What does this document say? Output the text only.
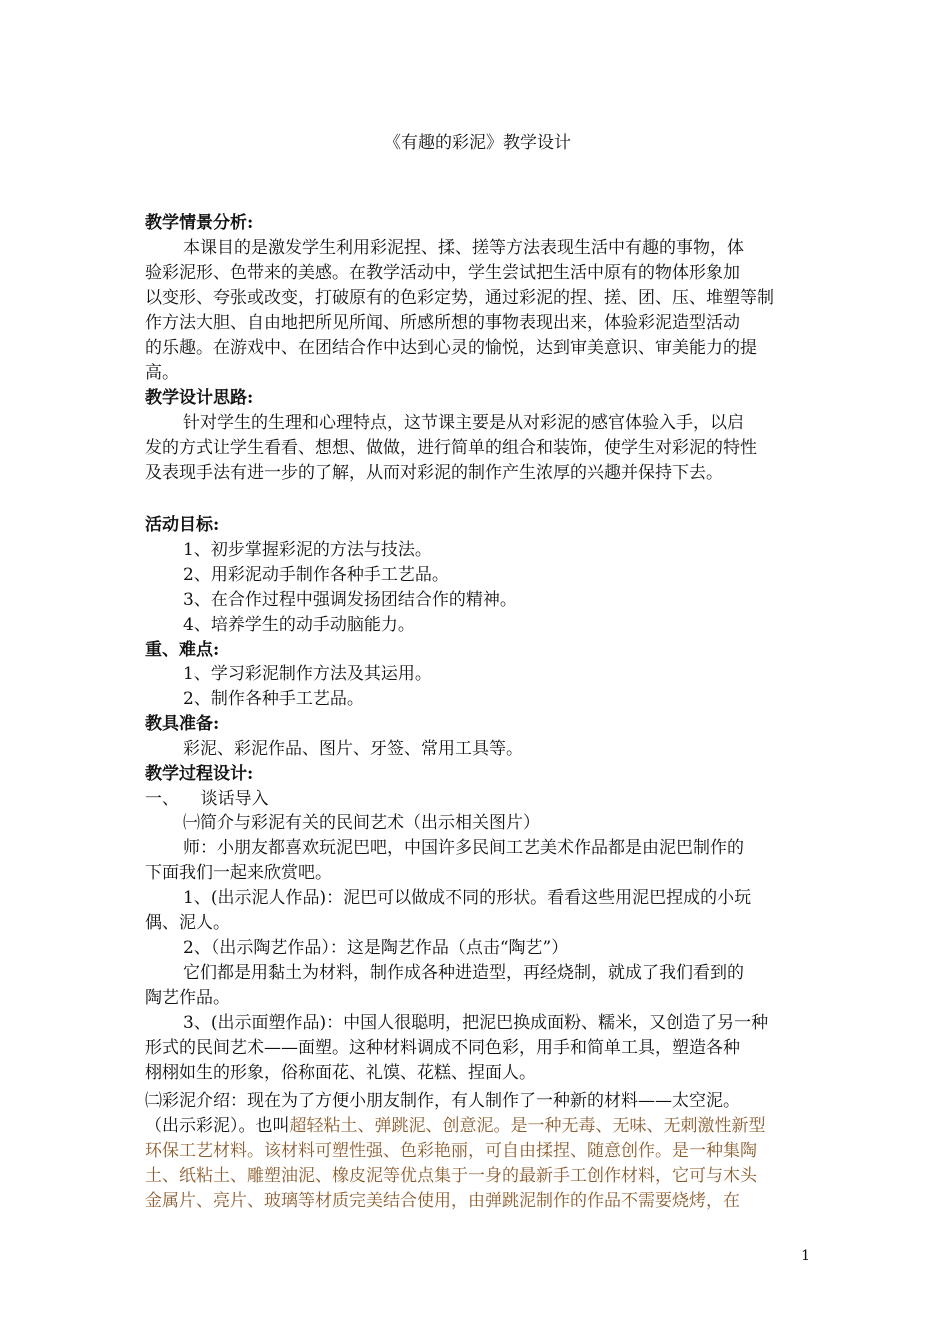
《有趣的彩泥》教学设计
教学情景分析:
本课目的是激发学生利用彩泥捏、揉、搓等方法表现生活中有趣的事物，体
验彩泥形、色带来的美感。在教学活动中，学生尝试把生活中原有的物体形象加
以变形、夸张或改变，打破原有的色彩定势，通过彩泥的捏、搓、团、压、堆塑等制
作方法大胆、自由地把所见所闻、所感所想的事物表现出来，体验彩泥造型活动
的乐趣。在游戏中、在团结合作中达到心灵的愉悦，达到审美意识、审美能力的提
高。
教学设计思路:
针对学生的生理和心理特点，这节课主要是从对彩泥的感官体验入手，以启
发的方式让学生看看、想想、做做，进行简单的组合和装饰，使学生对彩泥的特性
及表现手法有进一步的了解，从而对彩泥的制作产生浓厚的兴趣并保持下去。
活动目标:
1、初步掌握彩泥的方法与技法。
2、用彩泥动手制作各种手工艺品。
3、在合作过程中强调发扬团结合作的精神。
4、培养学生的动手动脑能力。
重、难点:
1、学习彩泥制作方法及其运用。
2、制作各种手工艺品。
教具准备:
彩泥、彩泥作品、图片、牙签、常用工具等。
教学过程设计:
一、    谈话导入
㈠简介与彩泥有关的民间艺术（出示相关图片）
师：小朋友都喜欢玩泥巴吧，中国许多民间工艺美术作品都是由泥巴制作的
下面我们一起来欣赏吧。
1、(出示泥人作品)：泥巴可以做成不同的形状。看看这些用泥巴捏成的小玩
偶、泥人。
2、（出示陶艺作品）：这是陶艺作品（点击“陶艺”）
它们都是用黏土为材料，制作成各种进造型，再经烧制，就成了我们看到的
陶艺作品。
3、(出示面塑作品)：中国人很聪明，把泥巴换成面粉、糯米，又创造了另一种
形式的民间艺术——面塑。这种材料调成不同色彩，用手和简单工具，塑造各种
栩栩如生的形象，俗称面花、礼馍、花糕、捏面人。
㈡彩泥介绍：现在为了方便小朋友制作，有人制作了一种新的材料——太空泥。
（出示彩泥）。也叫超轻粘土、弹跳泥、创意泥。是一种无毒、无味、无刺激性新型
环保工艺材料。该材料可塑性强、色彩艳丽，可自由揉捏、随意创作。是一种集陶
土、纸粘土、雕塑油泥、橡皮泥等优点集于一身的最新手工创作材料，它可与木头
金属片、亮片、玻璃等材质完美结合使用，由弹跳泥制作的作品不需要烧烤，在
1
